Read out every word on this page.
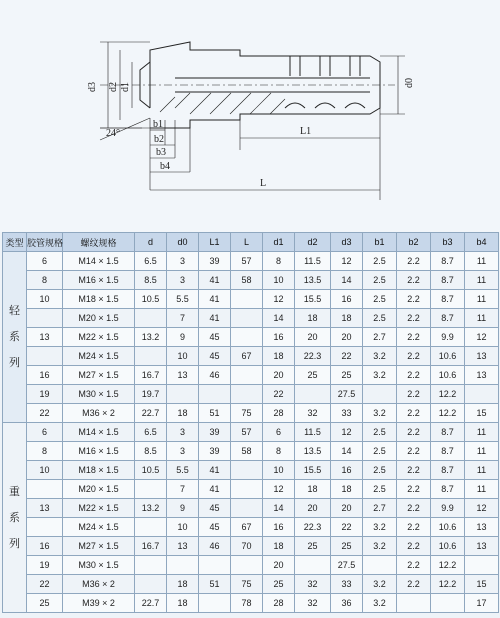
d3 d2 d1	d0
24°
b1
b2
b3
b4
L1
L
类型	胶管规格	螺纹规格	d	d0	L1	L	d1	d2	d3	b1	b2	b3	b4

轻
系
列	6	M14 × 1.5	6.5	3	39	57	8	11.5	12	2.5	2.2	8.7	11
	8	M16 × 1.5	8.5	3	41	58	10	13.5	14	2.5	2.2	8.7	11
	10	M18 × 1.5	10.5	5.5	41		12	15.5	16	2.5	2.2	8.7	11
		M20 × 1.5		7	41		14	18	18	2.5	2.2	8.7	11
	13	M22 × 1.5	13.2	9	45		16	20	20	2.7	2.2	9.9	12
		M24 × 1.5		10	45	67	18	22.3	22	3.2	2.2	10.6	13
	16	M27 × 1.5	16.7	13	46		20	25	25	3.2	2.2	10.6	13
	19	M30 × 1.5	19.7				22		27.5		2.2	12.2	
	22	M36 × 2	22.7	18	51	75	28	32	33	3.2	2.2	12.2	15

重
系
列	6	M14 × 1.5	6.5	3	39	57	6	11.5	12	2.5	2.2	8.7	11
	8	M16 × 1.5	8.5	3	39	58	8	13.5	14	2.5	2.2	8.7	11
	10	M18 × 1.5	10.5	5.5	41		10	15.5	16	2.5	2.2	8.7	11
		M20 × 1.5		7	41		12	18	18	2.5	2.2	8.7	11
	13	M22 × 1.5	13.2	9	45		14	20	20	2.7	2.2	9.9	12
		M24 × 1.5		10	45	67	16	22.3	22	3.2	2.2	10.6	13
	16	M27 × 1.5	16.7	13	46	70	18	25	25	3.2	2.2	10.6	13
	19	M30 × 1.5					20		27.5		2.2	12.2	
	22	M36 × 2		18	51	75	25	32	33	3.2	2.2	12.2	15
	25	M39 × 2	22.7	18		78	28	32	36	3.2			17
